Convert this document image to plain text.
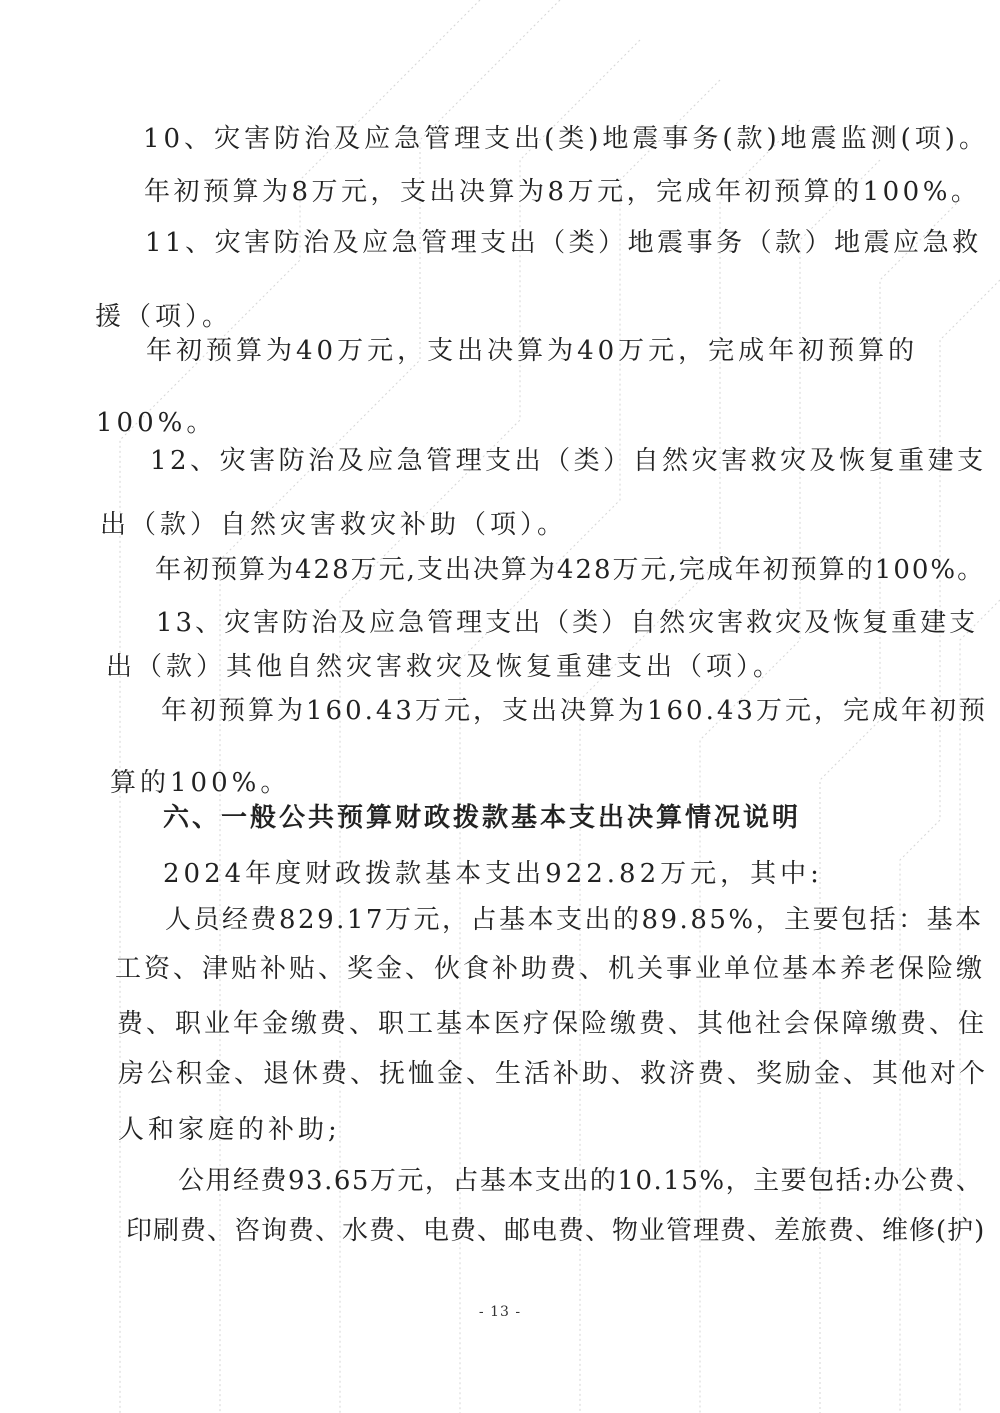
10、灾害防治及应急管理支出(类)地震事务(款)地震监测(项)。
年初预算为8万元，支出决算为8万元，完成年初预算的100%。
11、灾害防治及应急管理支出（类）地震事务（款）地震应急救
援（项）。
年初预算为40万元，支出决算为40万元，完成年初预算的
100%。
12、灾害防治及应急管理支出（类）自然灾害救灾及恢复重建支
出（款）自然灾害救灾补助（项）。
年初预算为428万元,支出决算为428万元,完成年初预算的100%。
13、灾害防治及应急管理支出（类）自然灾害救灾及恢复重建支
出（款）其他自然灾害救灾及恢复重建支出（项）。
年初预算为160.43万元，支出决算为160.43万元，完成年初预
算的100%。
六、一般公共预算财政拨款基本支出决算情况说明
2024年度财政拨款基本支出922.82万元，其中:
人员经费829.17万元，占基本支出的89.85%，主要包括：基本
工资、津贴补贴、奖金、伙食补助费、机关事业单位基本养老保险缴
费、职业年金缴费、职工基本医疗保险缴费、其他社会保障缴费、住
房公积金、退休费、抚恤金、生活补助、救济费、奖励金、其他对个
人和家庭的补助;
公用经费93.65万元，占基本支出的10.15%，主要包括:办公费、
印刷费、咨询费、水费、电费、邮电费、物业管理费、差旅费、维修(护)
- 13 -
